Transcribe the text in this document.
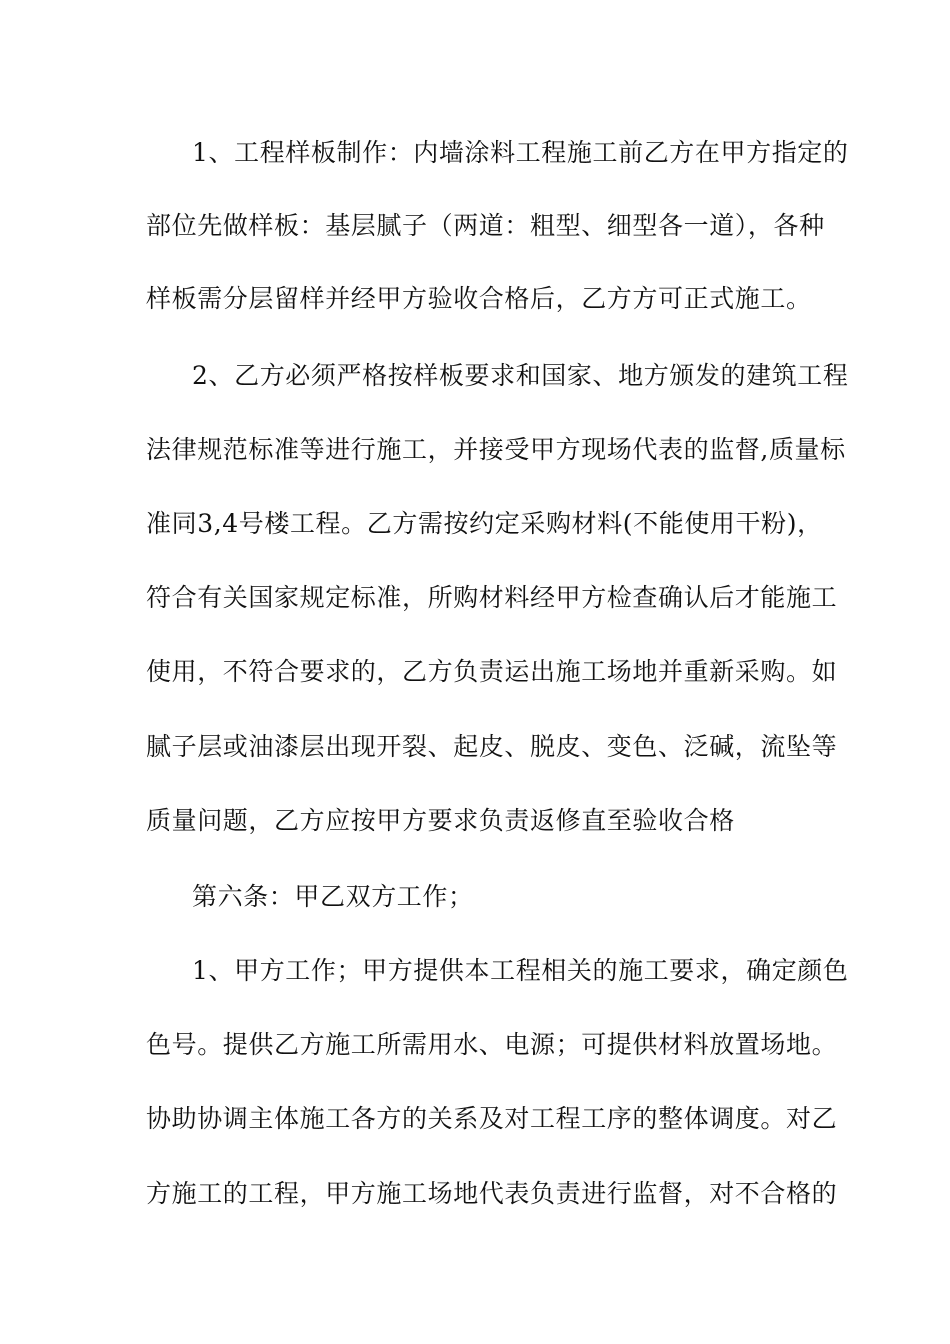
1、工程样板制作：内墙涂料工程施工前乙方在甲方指定的
部位先做样板：基层腻子（两道：粗型、细型各一道），各种
样板需分层留样并经甲方验收合格后，乙方方可正式施工。
2、乙方必须严格按样板要求和国家、地方颁发的建筑工程
法律规范标准等进行施工，并接受甲方现场代表的监督,质量标
准同3,4号楼工程。乙方需按约定采购材料(不能使用干粉)，
符合有关国家规定标准，所购材料经甲方检查确认后才能施工
使用，不符合要求的，乙方负责运出施工场地并重新采购。如
腻子层或油漆层出现开裂、起皮、脱皮、变色、泛碱，流坠等
质量问题，乙方应按甲方要求负责返修直至验收合格
第六条：甲乙双方工作；
1、甲方工作；甲方提供本工程相关的施工要求，确定颜色
色号。提供乙方施工所需用水、电源；可提供材料放置场地。
协助协调主体施工各方的关系及对工程工序的整体调度。对乙
方施工的工程，甲方施工场地代表负责进行监督，对不合格的
